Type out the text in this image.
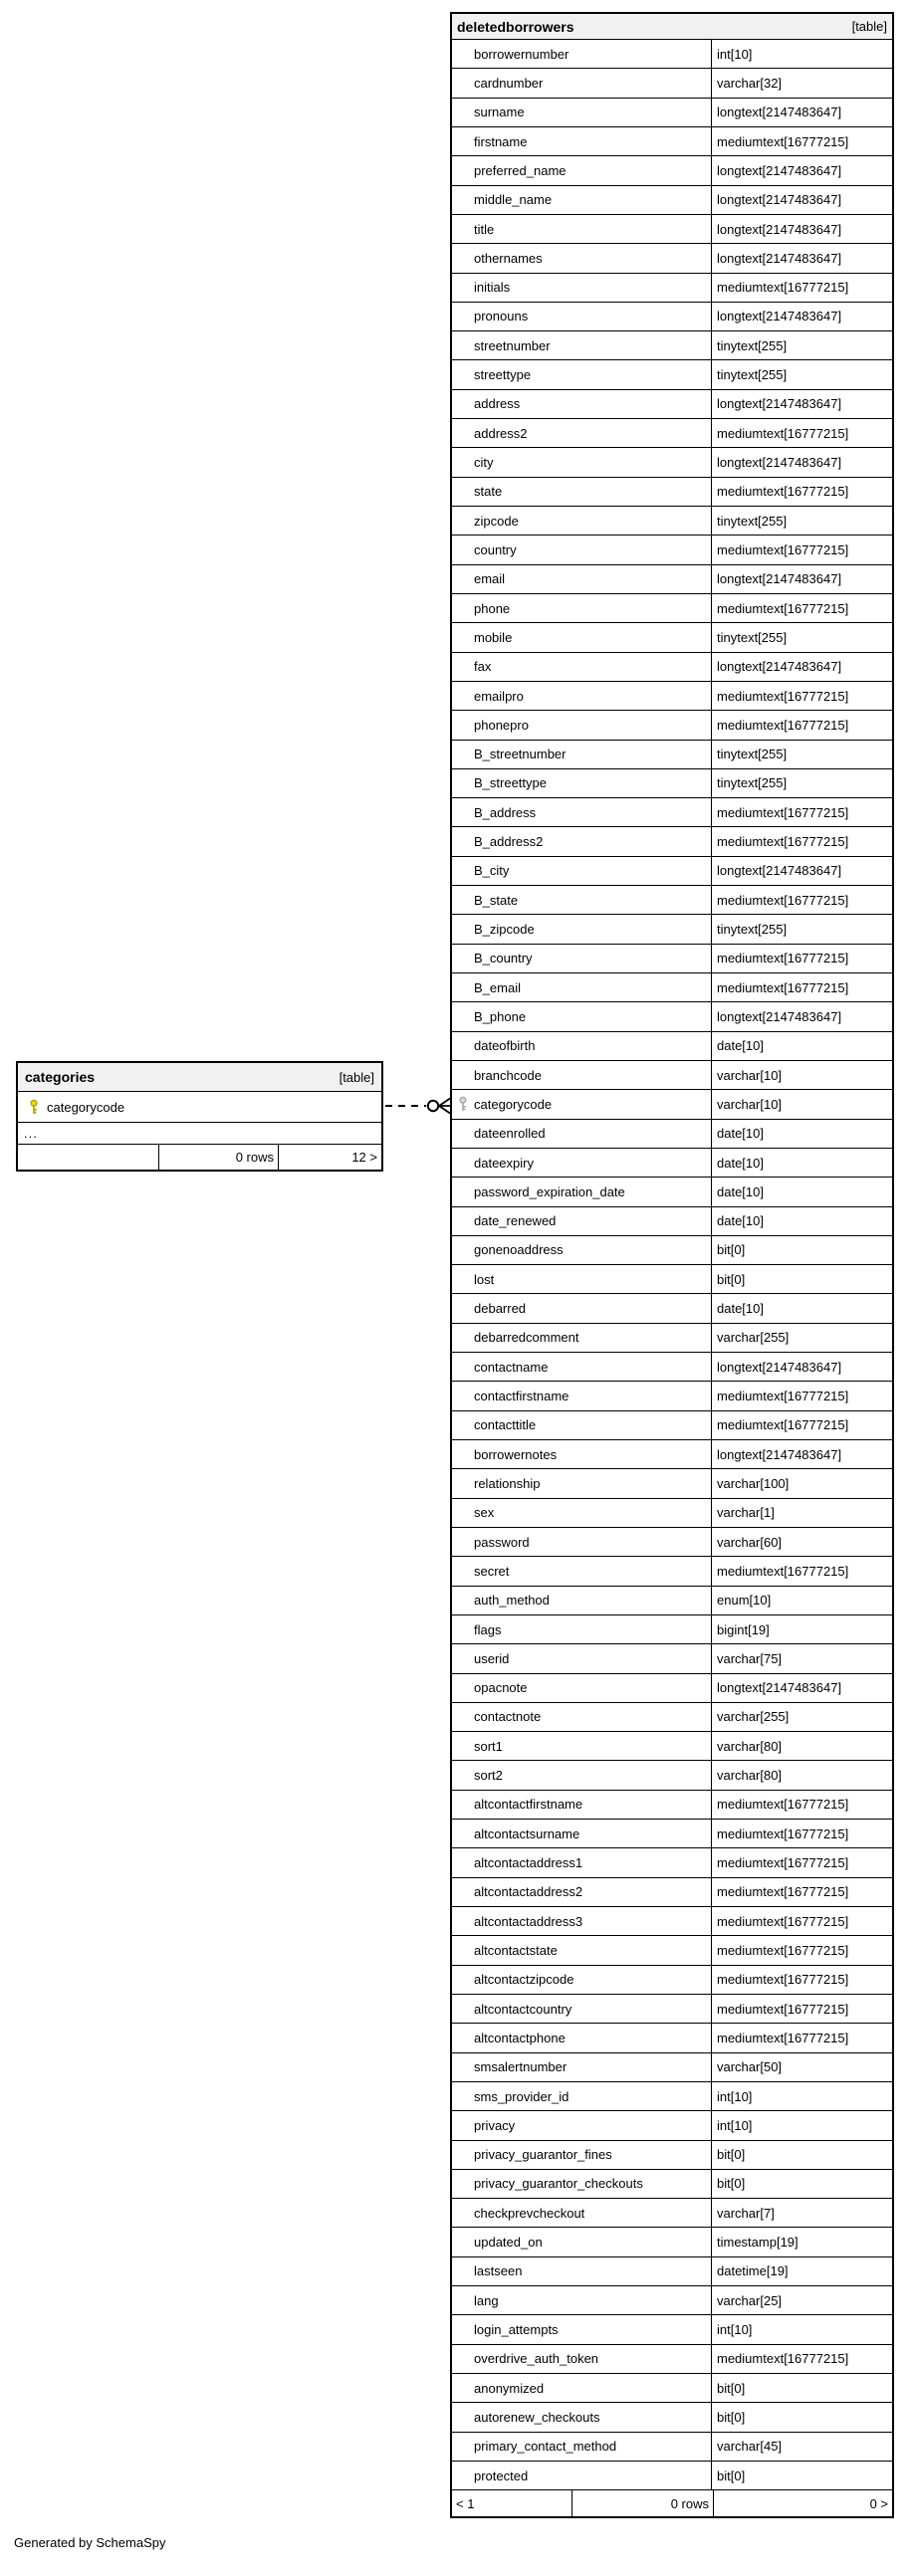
categories	[table]
categorycode
...
0 rows	12 >
deletedborrowers	[table]
borrowernumber	int[10]
cardnumber	varchar[32]
surname	longtext[2147483647]
firstname	mediumtext[16777215]
preferred_name	longtext[2147483647]
middle_name	longtext[2147483647]
title	longtext[2147483647]
othernames	longtext[2147483647]
initials	mediumtext[16777215]
pronouns	longtext[2147483647]
streetnumber	tinytext[255]
streettype	tinytext[255]
address	longtext[2147483647]
address2	mediumtext[16777215]
city	longtext[2147483647]
state	mediumtext[16777215]
zipcode	tinytext[255]
country	mediumtext[16777215]
email	longtext[2147483647]
phone	mediumtext[16777215]
mobile	tinytext[255]
fax	longtext[2147483647]
emailpro	mediumtext[16777215]
phonepro	mediumtext[16777215]
B_streetnumber	tinytext[255]
B_streettype	tinytext[255]
B_address	mediumtext[16777215]
B_address2	mediumtext[16777215]
B_city	longtext[2147483647]
B_state	mediumtext[16777215]
B_zipcode	tinytext[255]
B_country	mediumtext[16777215]
B_email	mediumtext[16777215]
B_phone	longtext[2147483647]
dateofbirth	date[10]
branchcode	varchar[10]
categorycode	varchar[10]
dateenrolled	date[10]
dateexpiry	date[10]
password_expiration_date	date[10]
date_renewed	date[10]
gonenoaddress	bit[0]
lost	bit[0]
debarred	date[10]
debarredcomment	varchar[255]
contactname	longtext[2147483647]
contactfirstname	mediumtext[16777215]
contacttitle	mediumtext[16777215]
borrowernotes	longtext[2147483647]
relationship	varchar[100]
sex	varchar[1]
password	varchar[60]
secret	mediumtext[16777215]
auth_method	enum[10]
flags	bigint[19]
userid	varchar[75]
opacnote	longtext[2147483647]
contactnote	varchar[255]
sort1	varchar[80]
sort2	varchar[80]
altcontactfirstname	mediumtext[16777215]
altcontactsurname	mediumtext[16777215]
altcontactaddress1	mediumtext[16777215]
altcontactaddress2	mediumtext[16777215]
altcontactaddress3	mediumtext[16777215]
altcontactstate	mediumtext[16777215]
altcontactzipcode	mediumtext[16777215]
altcontactcountry	mediumtext[16777215]
altcontactphone	mediumtext[16777215]
smsalertnumber	varchar[50]
sms_provider_id	int[10]
privacy	int[10]
privacy_guarantor_fines	bit[0]
privacy_guarantor_checkouts	bit[0]
checkprevcheckout	varchar[7]
updated_on	timestamp[19]
lastseen	datetime[19]
lang	varchar[25]
login_attempts	int[10]
overdrive_auth_token	mediumtext[16777215]
anonymized	bit[0]
autorenew_checkouts	bit[0]
primary_contact_method	varchar[45]
protected	bit[0]
< 1	0 rows	0 >
Generated by SchemaSpy
